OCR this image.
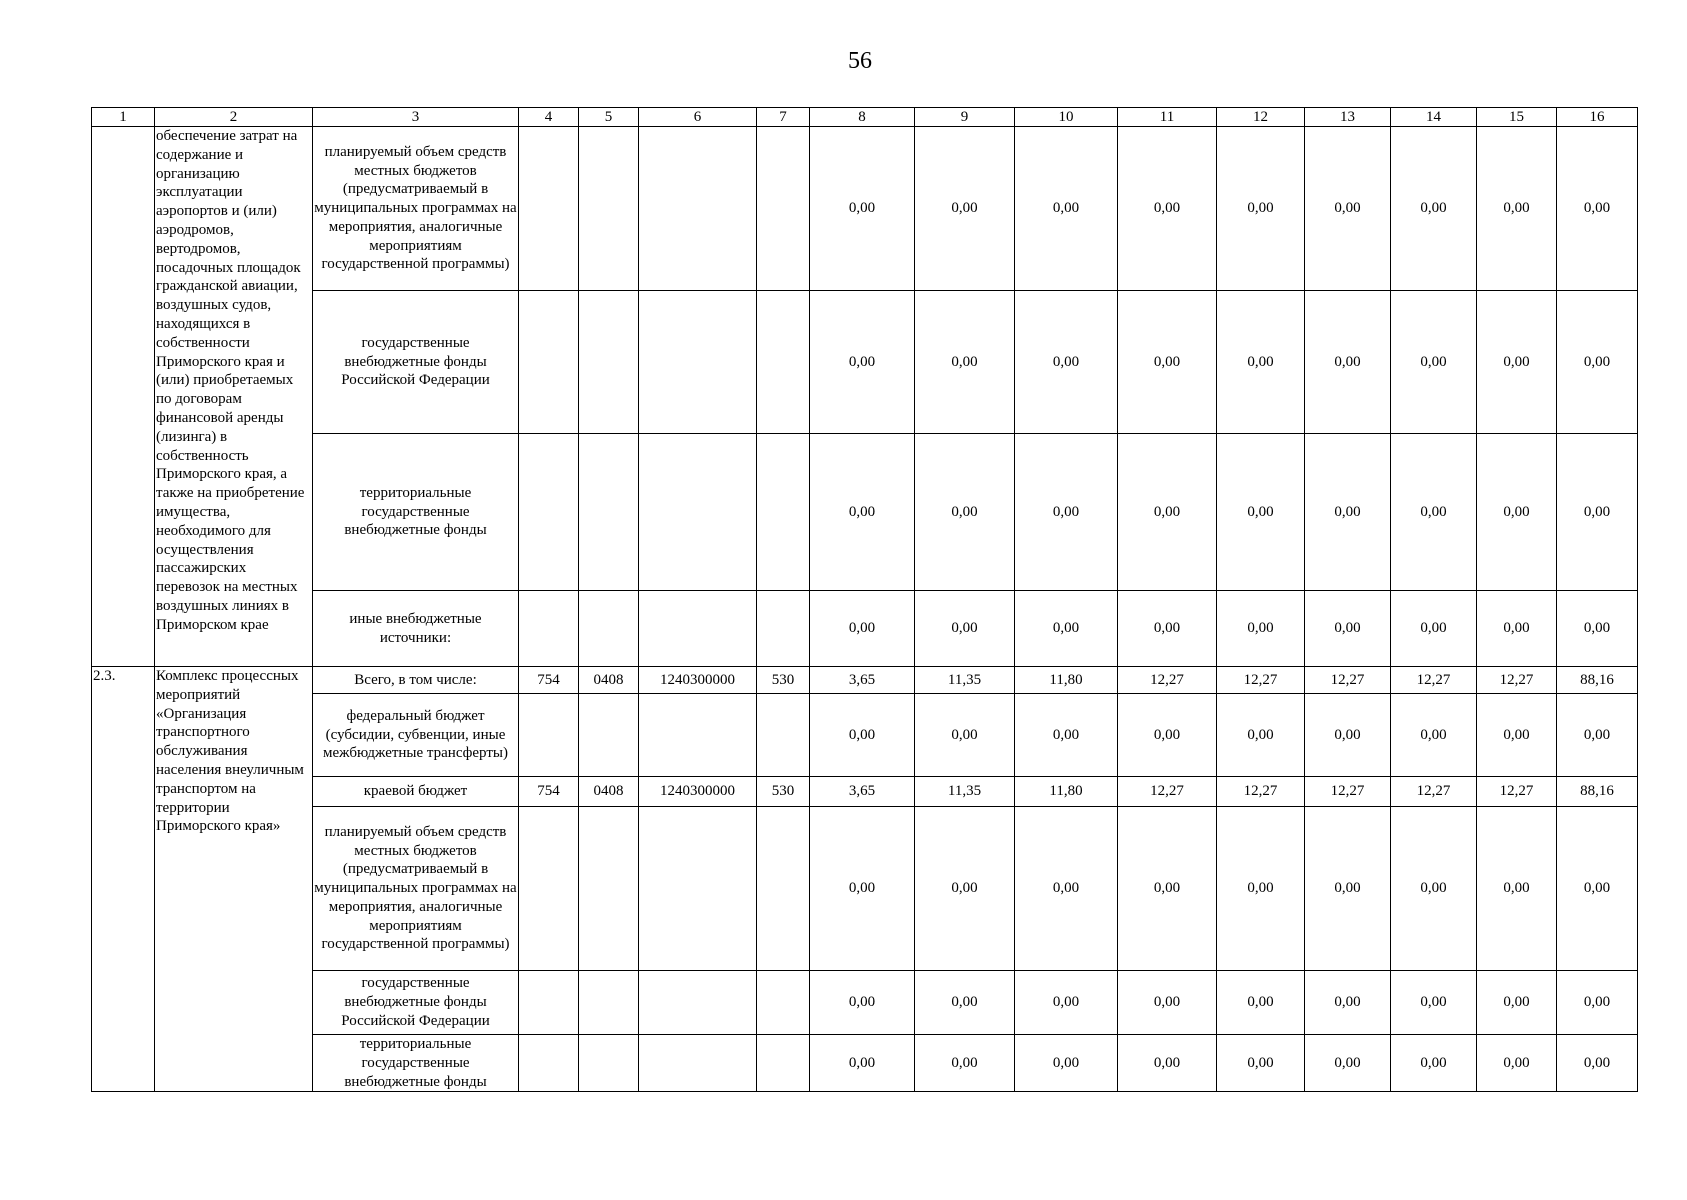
56
1	2	3	4	5	6	7	8	9	10	11	12	13	14	15	16
	обеспечение затрат на содержание и организацию эксплуатации аэропортов и (или) аэродромов, вертодромов, посадочных площадок гражданской авиации, воздушных судов, находящихся в собственности Приморского края и (или) приобретаемых по договорам финансовой аренды (лизинга) в собственность Приморского края, а также на приобретение имущества, необходимого для осуществления пассажирских перевозок на местных воздушных линиях в Приморском крае	планируемый объем средств местных бюджетов (предусматриваемый в муниципальных программах на мероприятия, аналогичные мероприятиям государственной программы)					0,00	0,00	0,00	0,00	0,00	0,00	0,00	0,00	0,00
		государственные внебюджетные фонды Российской Федерации					0,00	0,00	0,00	0,00	0,00	0,00	0,00	0,00	0,00
		территориальные государственные внебюджетные фонды					0,00	0,00	0,00	0,00	0,00	0,00	0,00	0,00	0,00
		иные внебюджетные источники:					0,00	0,00	0,00	0,00	0,00	0,00	0,00	0,00	0,00
2.3.	Комплекс процессных мероприятий «Организация транспортного обслуживания населения внеуличным транспортом на территории Приморского края»	Всего, в том числе:	754	0408	1240300000	530	3,65	11,35	11,80	12,27	12,27	12,27	12,27	12,27	88,16
		федеральный бюджет (субсидии, субвенции, иные межбюджетные трансферты)					0,00	0,00	0,00	0,00	0,00	0,00	0,00	0,00	0,00
		краевой бюджет	754	0408	1240300000	530	3,65	11,35	11,80	12,27	12,27	12,27	12,27	12,27	88,16
		планируемый объем средств местных бюджетов (предусматриваемый в муниципальных программах на мероприятия, аналогичные мероприятиям государственной программы)					0,00	0,00	0,00	0,00	0,00	0,00	0,00	0,00	0,00
		государственные внебюджетные фонды Российской Федерации					0,00	0,00	0,00	0,00	0,00	0,00	0,00	0,00	0,00
		территориальные государственные внебюджетные фонды					0,00	0,00	0,00	0,00	0,00	0,00	0,00	0,00	0,00
